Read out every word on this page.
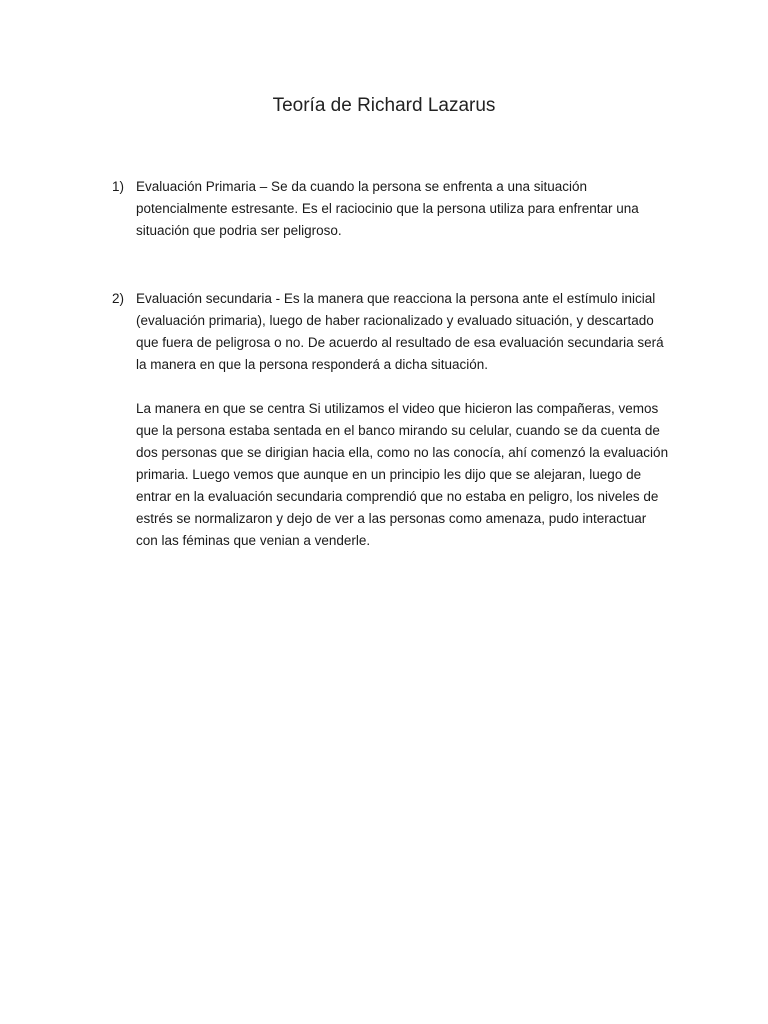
Teoría de Richard Lazarus
1) Evaluación Primaria – Se da cuando la persona se enfrenta a una situación potencialmente estresante. Es el raciocinio que la persona utiliza para enfrentar una situación que podria ser peligroso.

2) Evaluación secundaria - Es la manera que reacciona la persona ante el estímulo inicial (evaluación primaria), luego de haber racionalizado y evaluado situación, y descartado que fuera de peligrosa o no. De acuerdo al resultado de esa evaluación secundaria será la manera en que la persona responderá a dicha situación.

La manera en que se centra Si utilizamos el video que hicieron las compañeras, vemos que la persona estaba sentada en el banco mirando su celular, cuando se da cuenta de dos personas que se dirigian hacia ella, como no las conocía, ahí comenzó la evaluación primaria. Luego vemos que aunque en un principio les dijo que se alejaran, luego de entrar en la evaluación secundaria comprendió que no estaba en peligro, los niveles de estrés se normalizaron y dejo de ver a las personas como amenaza, pudo interactuar con las féminas que venian a venderle.
